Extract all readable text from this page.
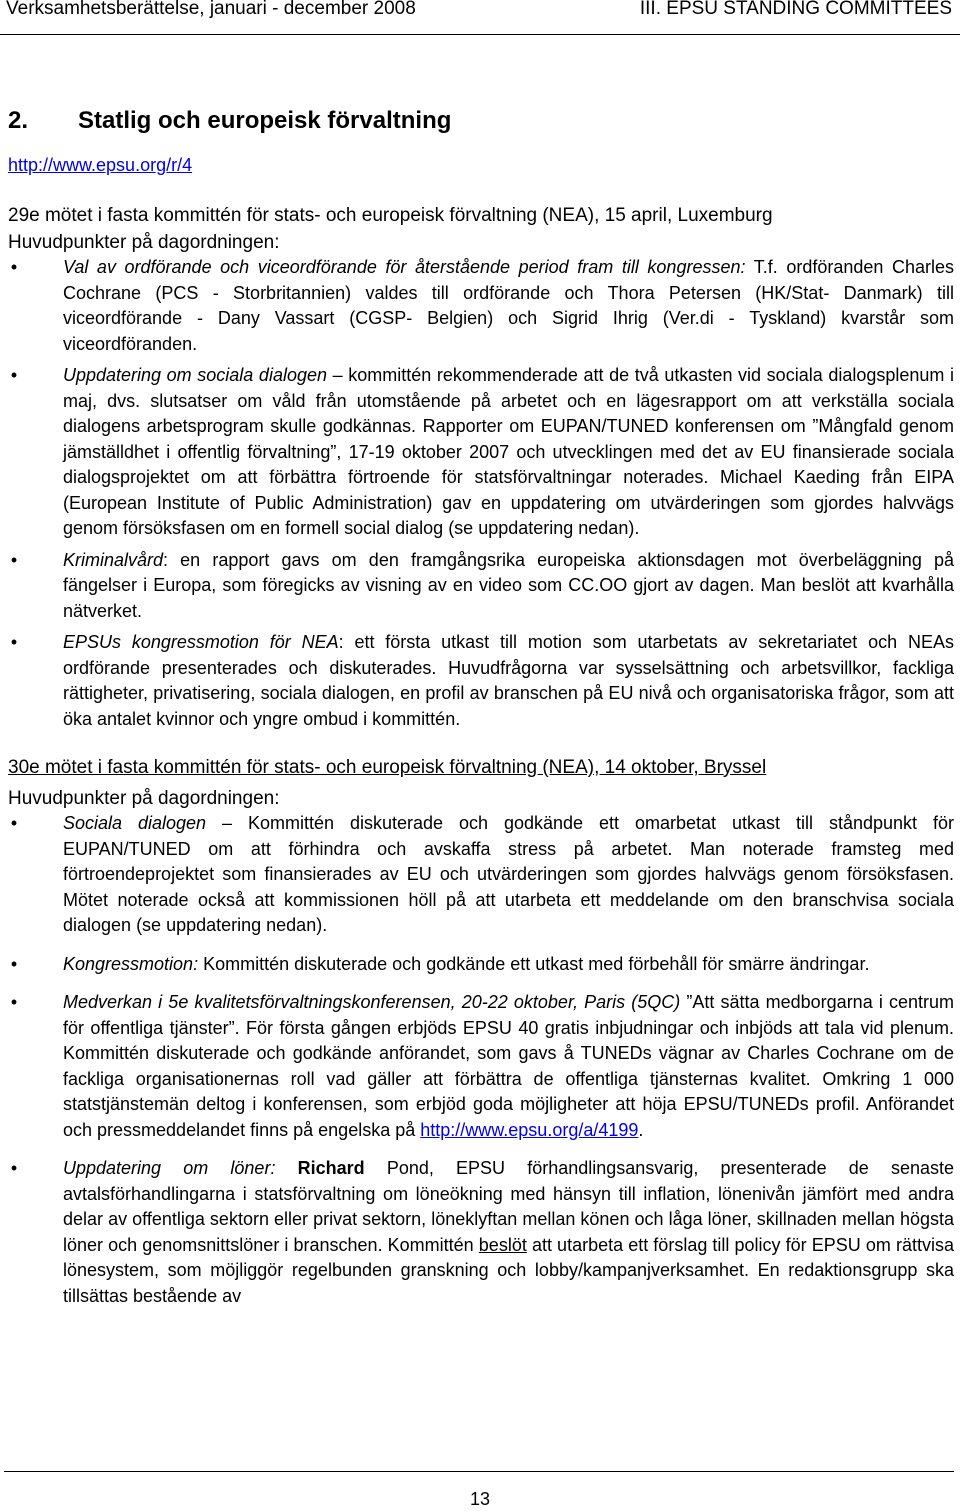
Verksamhetsberättelse, januari - december 2008	III. EPSU STANDING COMMITTEES

2. Statlig och europeisk förvaltning

http://www.epsu.org/r/4

29e mötet i fasta kommittén för stats- och europeisk förvaltning (NEA), 15 april, Luxemburg

Huvudpunkter på dagordningen:

•	Val av ordförande och viceordförande för återstående period fram till kongressen: T.f. ordföranden Charles Cochrane (PCS - Storbritannien) valdes till ordförande och Thora Petersen (HK/Stat- Danmark) till viceordförande - Dany Vassart (CGSP- Belgien) och Sigrid Ihrig (Ver.di - Tyskland) kvarstår som viceordföranden.
•	Uppdatering om sociala dialogen – kommittén rekommenderade att de två utkasten vid sociala dialogsplenum i maj, dvs. slutsatser om våld från utomstående på arbetet och en lägesrapport om att verkställa sociala dialogens arbetsprogram skulle godkännas. Rapporter om EUPAN/TUNED konferensen om ”Mångfald genom jämställdhet i offentlig förvaltning”, 17-19 oktober 2007 och utvecklingen med det av EU finansierade sociala dialogsprojektet om att förbättra förtroende för statsförvaltningar noterades. Michael Kaeding från EIPA (European Institute of Public Administration) gav en uppdatering om utvärderingen som gjordes halvvägs genom försöksfasen om en formell social dialog (se uppdatering nedan).
•	Kriminalvård: en rapport gavs om den framgångsrika europeiska aktionsdagen mot överbeläggning på fängelser i Europa, som föregicks av visning av en video som CC.OO gjort av dagen. Man beslöt att kvarhålla nätverket.
•	EPSUs kongressmotion för NEA: ett första utkast till motion som utarbetats av sekretariatet och NEAs ordförande presenterades och diskuterades. Huvudfrågorna var sysselsättning och arbetsvillkor, fackliga rättigheter, privatisering, sociala dialogen, en profil av branschen på EU nivå och organisatoriska frågor, som att öka antalet kvinnor och yngre ombud i kommittén.

30e mötet i fasta kommittén för stats- och europeisk förvaltning (NEA), 14 oktober, Bryssel

Huvudpunkter på dagordningen:

•	Sociala dialogen – Kommittén diskuterade och godkände ett omarbetat utkast till ståndpunkt för EUPAN/TUNED om att förhindra och avskaffa stress på arbetet. Man noterade framsteg med förtroendeprojektet som finansierades av EU och utvärderingen som gjordes halvvägs genom försöksfasen. Mötet noterade också att kommissionen höll på att utarbeta ett meddelande om den branschvisa sociala dialogen (se uppdatering nedan).
•	Kongressmotion: Kommittén diskuterade och godkände ett utkast med förbehåll för smärre ändringar.
•	Medverkan i 5e kvalitetsförvaltningskonferensen, 20-22 oktober, Paris (5QC) ”Att sätta medborgarna i centrum för offentliga tjänster”. För första gången erbjöds EPSU 40 gratis inbjudningar och inbjöds att tala vid plenum. Kommittén diskuterade och godkände anförandet, som gavs å TUNEDs vägnar av Charles Cochrane om de fackliga organisationernas roll vad gäller att förbättra de offentliga tjänsternas kvalitet. Omkring 1 000 statstjänstemän deltog i konferensen, som erbjöd goda möjligheter att höja EPSU/TUNEDs profil. Anförandet och pressmeddelandet finns på engelska på http://www.epsu.org/a/4199.
•	Uppdatering om löner: Richard Pond, EPSU förhandlingsansvarig, presenterade de senaste avtalsförhandlingarna i statsförvaltning om löneökning med hänsyn till inflation, lönenivån jämfört med andra delar av offentliga sektorn eller privat sektorn, löneklyftan mellan könen och låga löner, skillnaden mellan högsta löner och genomsnittslöner i branschen. Kommittén beslöt att utarbeta ett förslag till policy för EPSU om rättvisa lönesystem, som möjliggör regelbunden granskning och lobby/kampanjverksamhet. En redaktionsgrupp ska tillsättas bestående av
13
